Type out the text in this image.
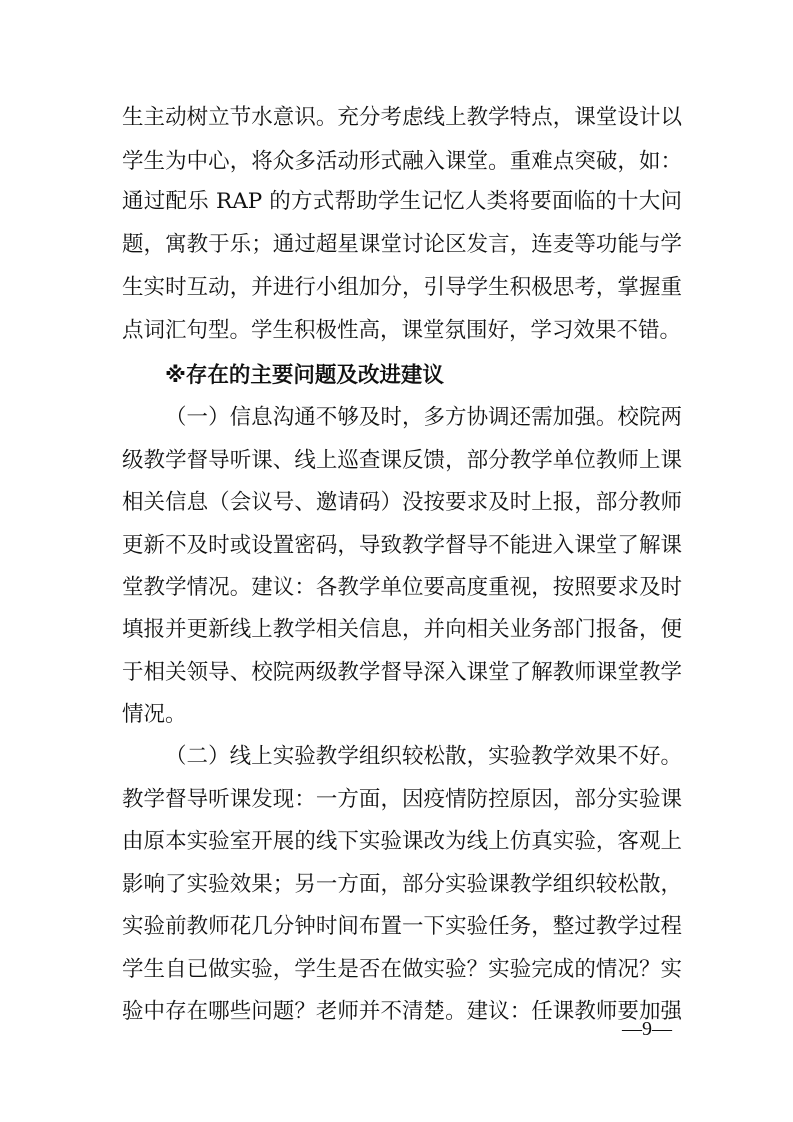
生主动树立节水意识。充分考虑线上教学特点，课堂设计以
学生为中心，将众多活动形式融入课堂。重难点突破，如：
通过配乐 RAP 的方式帮助学生记忆人类将要面临的十大问
题，寓教于乐；通过超星课堂讨论区发言，连麦等功能与学
生实时互动，并进行小组加分，引导学生积极思考，掌握重
点词汇句型。学生积极性高，课堂氛围好，学习效果不错。
※存在的主要问题及改进建议
（一）信息沟通不够及时，多方协调还需加强。校院两
级教学督导听课、线上巡查课反馈，部分教学单位教师上课
相关信息（会议号、邀请码）没按要求及时上报，部分教师
更新不及时或设置密码，导致教学督导不能进入课堂了解课
堂教学情况。建议：各教学单位要高度重视，按照要求及时
填报并更新线上教学相关信息，并向相关业务部门报备，便
于相关领导、校院两级教学督导深入课堂了解教师课堂教学
情况。
（二）线上实验教学组织较松散，实验教学效果不好。
教学督导听课发现：一方面，因疫情防控原因，部分实验课
由原本实验室开展的线下实验课改为线上仿真实验，客观上
影响了实验效果；另一方面，部分实验课教学组织较松散，
实验前教师花几分钟时间布置一下实验任务，整过教学过程
学生自已做实验，学生是否在做实验？实验完成的情况？实
验中存在哪些问题？老师并不清楚。建议：任课教师要加强
—9—
